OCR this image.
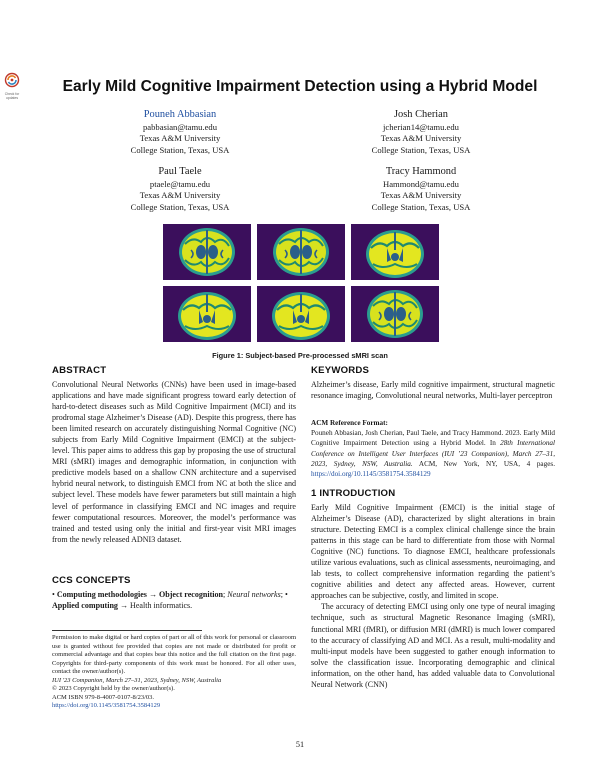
Check for updates
Early Mild Cognitive Impairment Detection using a Hybrid Model
Pouneh Abbasian
pabbasian@tamu.edu
Texas A&M University
College Station, Texas, USA
Josh Cherian
jcherian14@tamu.edu
Texas A&M University
College Station, Texas, USA
Paul Taele
ptaele@tamu.edu
Texas A&M University
College Station, Texas, USA
Tracy Hammond
Hammond@tamu.edu
Texas A&M University
College Station, Texas, USA
Figure 1: Subject-based Pre-processed sMRI scan
ABSTRACT
Convolutional Neural Networks (CNNs) have been used in image-based applications and have made significant progress toward early detection of hard-to-detect diseases such as Mild Cognitive Impairment (MCI) and its prodromal stage Alzheimer’s Disease (AD). Despite this progress, there has been limited research on accurately distinguishing Normal Cognitive (NC) subjects from Early Mild Cognitive Impairment (EMCI) at the subject-level. This paper aims to address this gap by proposing the use of structural MRI (sMRI) images and demographic information, in conjunction with predictive models based on a shallow CNN architecture and a supervised hybrid neural network, to distinguish EMCI from NC at both the slice and subject level. These models have fewer parameters but still maintain a high level of performance in classifying EMCI and NC images and require fewer computational resources. Moreover, the model’s performance was trained and tested using only the initial and first-year visit MRI images from the newly released ADNI3 dataset.
CCS CONCEPTS
• Computing methodologies → Object recognition; Neural networks; • Applied computing → Health informatics.
Permission to make digital or hard copies of part or all of this work for personal or classroom use is granted without fee provided that copies are not made or distributed for profit or commercial advantage and that copies bear this notice and the full citation on the first page. Copyrights for third-party components of this work must be honored. For all other uses, contact the owner/author(s).
IUI '23 Companion, March 27–31, 2023, Sydney, NSW, Australia
© 2023 Copyright held by the owner/author(s).
ACM ISBN 979-8-4007-0107-8/23/03.
https://doi.org/10.1145/3581754.3584129
KEYWORDS
Alzheimer’s disease, Early mild cognitive impairment, structural magnetic resonance imaging, Convolutional neural networks, Multi-layer perceptron
ACM Reference Format:
Pouneh Abbasian, Josh Cherian, Paul Taele, and Tracy Hammond. 2023. Early Mild Cognitive Impairment Detection using a Hybrid Model. In 28th International Conference on Intelligent User Interfaces (IUI ’23 Companion), March 27–31, 2023, Sydney, NSW, Australia. ACM, New York, NY, USA, 4 pages. https://doi.org/10.1145/3581754.3584129
1 INTRODUCTION
Early Mild Cognitive Impairment (EMCI) is the initial stage of Alzheimer’s Disease (AD), characterized by slight alterations in brain structure. Detecting EMCI is a complex clinical challenge since the brain patterns in this stage can be hard to differentiate from those with Normal Cognitive (NC) functions. To diagnose EMCI, healthcare professionals utilize various evaluations, such as clinical assessments, neuroimaging, and lab tests, to collect comprehensive information regarding the patient’s cognitive abilities and detect any affected areas. However, current approaches can be subjective, costly, and limited in scope.
The accuracy of detecting EMCI using only one type of neural imaging technique, such as structural Magnetic Resonance Imaging (sMRI), functional MRI (fMRI), or diffusion MRI (dMRI) is much lower compared to the accuracy of classifying AD and MCI. As a result, multi-modality and multi-input models have been suggested to gather enough information to solve the classification issue. Incorporating demographic and clinical information, on the other hand, has added valuable data to Convolutional Neural Network (CNN)
51
